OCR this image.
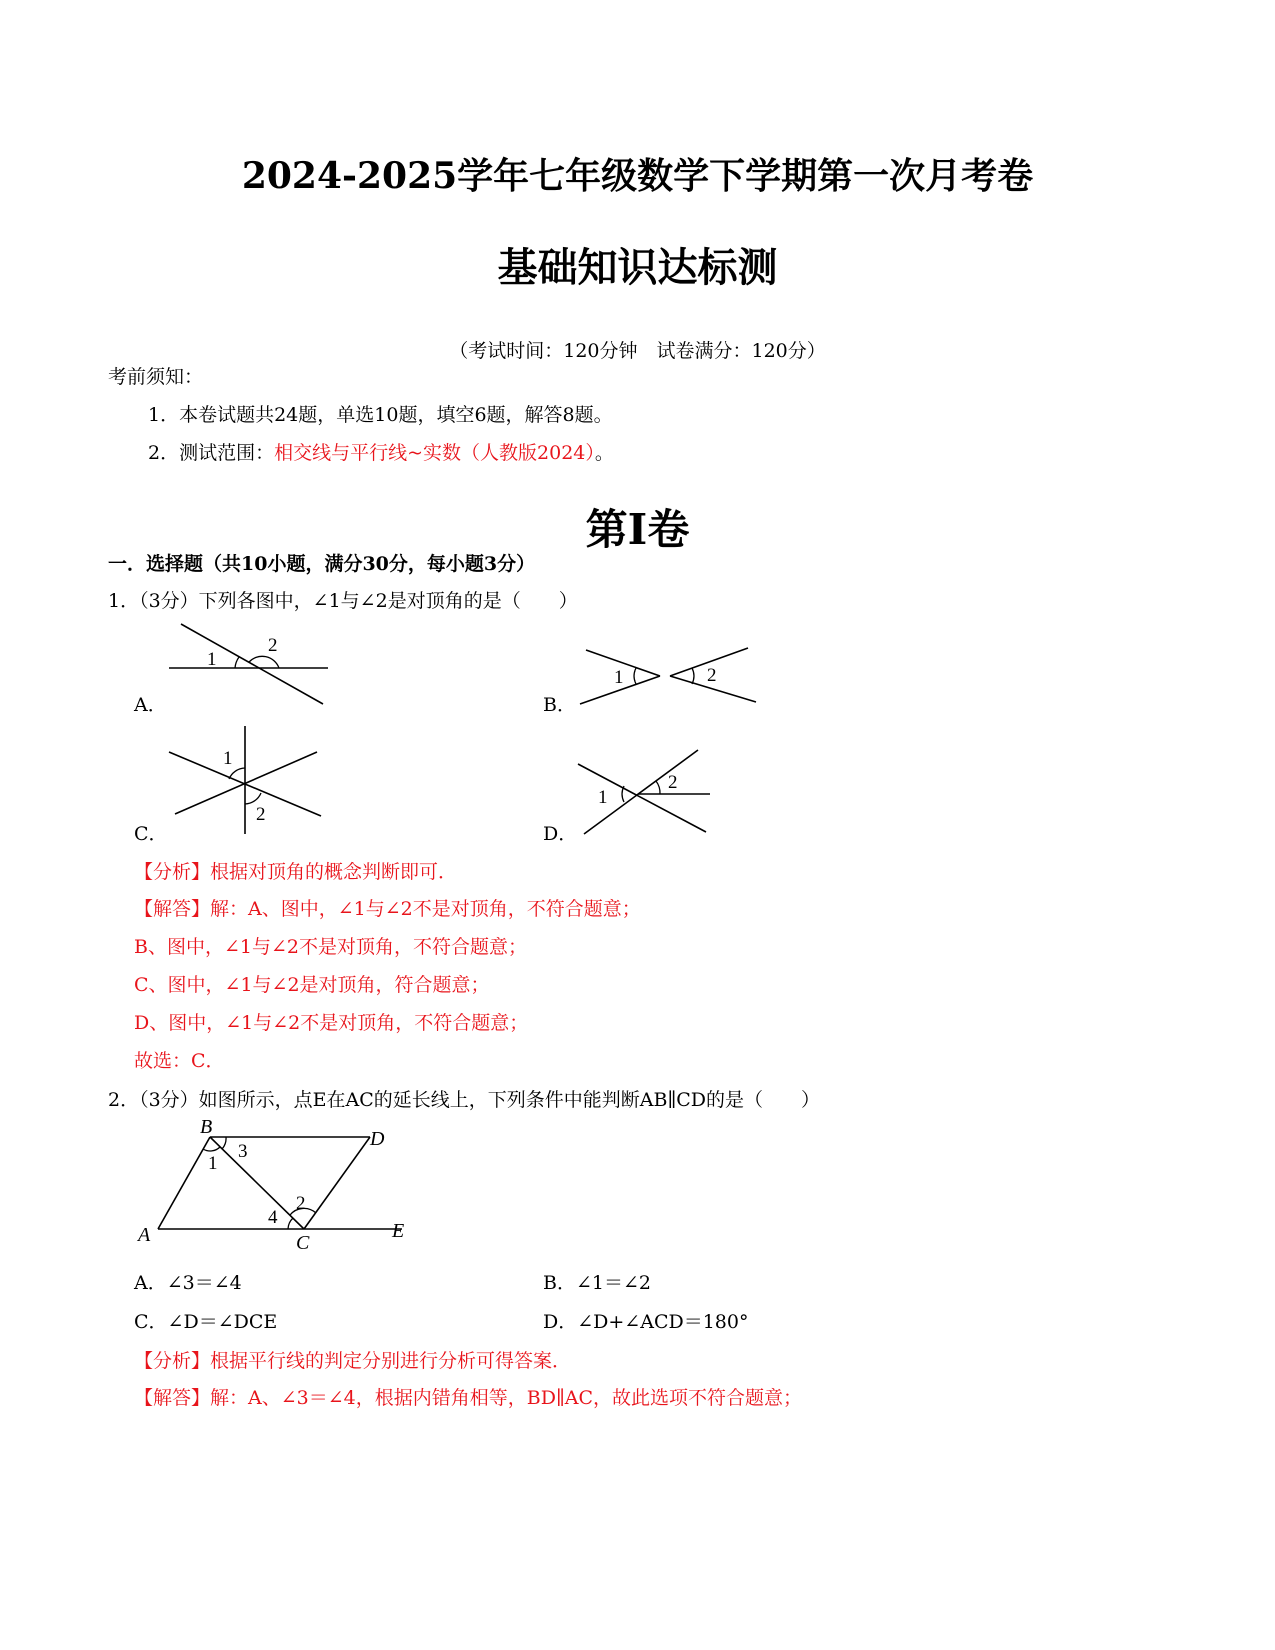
2024-2025学年七年级数学下学期第一次月考卷
基础知识达标测
（考试时间：120分钟　试卷满分：120分）
考前须知：
1．本卷试题共24题，单选10题，填空6题，解答8题。
2．测试范围：相交线与平行线~实数（人教版2024）。
第Ⅰ卷
一．选择题（共10小题，满分30分，每小题3分）
1．（3分）下列各图中，∠1与∠2是对顶角的是（　　）
1
2
A．
1	2
B．
1
2
C．
1
2
D．
【分析】根据对顶角的概念判断即可．
【解答】解：A、图中，∠1与∠2不是对顶角，不符合题意；
B、图中，∠1与∠2不是对顶角，不符合题意；
C、图中，∠1与∠2是对顶角，符合题意；
D、图中，∠1与∠2不是对顶角，不符合题意；
故选：C．
2．（3分）如图所示，点E在AC的延长线上，下列条件中能判断AB∥CD的是（　　）
B
D
A	C
E
1
3
2
4
A．∠3＝∠4	B．∠1＝∠2
C．∠D＝∠DCE	D．∠D+∠ACD＝180°
【分析】根据平行线的判定分别进行分析可得答案．
【解答】解：A、∠3＝∠4，根据内错角相等，BD∥AC，故此选项不符合题意；
